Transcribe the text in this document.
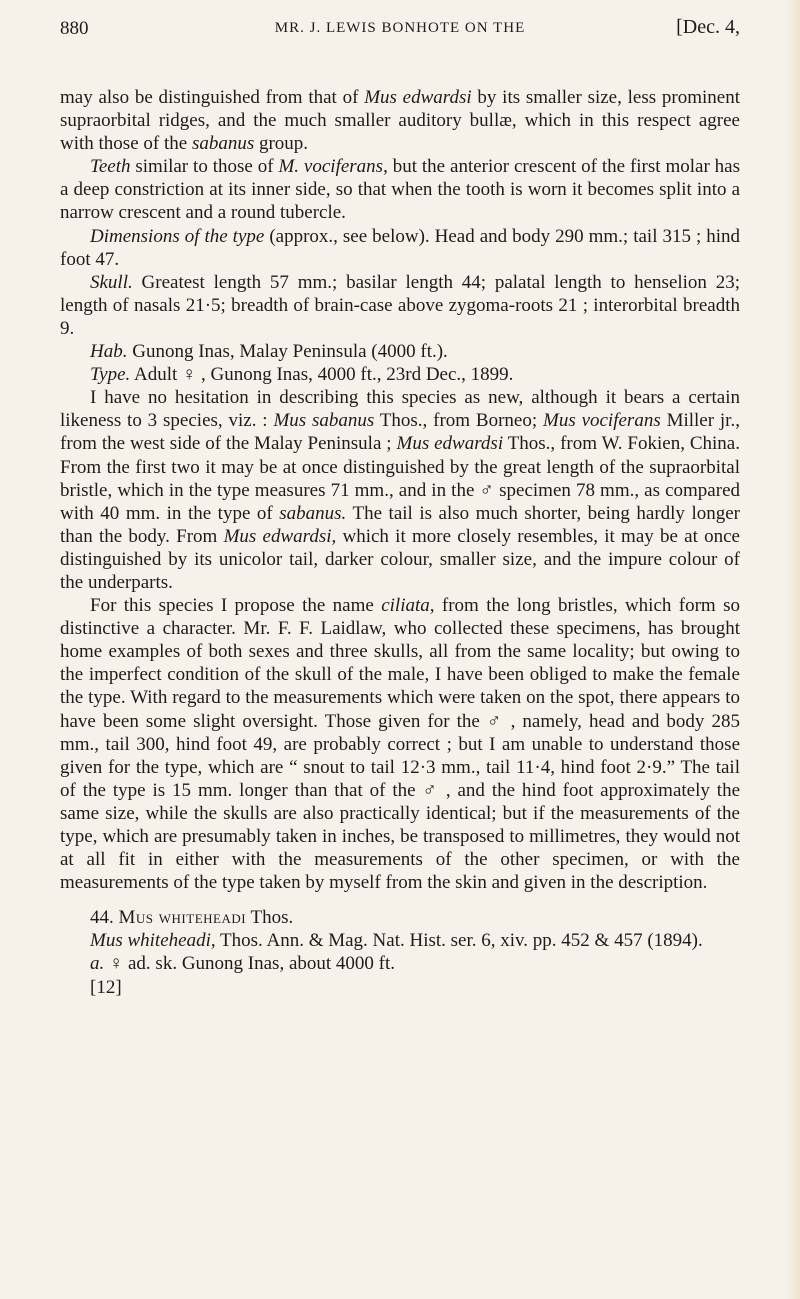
880	MR. J. LEWIS BONHOTE ON THE	[Dec. 4,

may also be distinguished from that of Mus edwardsi by its smaller size, less prominent supraorbital ridges, and the much smaller auditory bullæ, which in this respect agree with those of the sabanus group.

Teeth similar to those of M. vociferans, but the anterior crescent of the first molar has a deep constriction at its inner side, so that when the tooth is worn it becomes split into a narrow crescent and a round tubercle.

Dimensions of the type (approx., see below). Head and body 290 mm.; tail 315 ; hind foot 47.

Skull. Greatest length 57 mm.; basilar length 44; palatal length to henselion 23; length of nasals 21·5; breadth of brain-case above zygoma-roots 21 ; interorbital breadth 9.

Hab. Gunong Inas, Malay Peninsula (4000 ft.).

Type. Adult ♀ , Gunong Inas, 4000 ft., 23rd Dec., 1899.

I have no hesitation in describing this species as new, although it bears a certain likeness to 3 species, viz. : Mus sabanus Thos., from Borneo; Mus vociferans Miller jr., from the west side of the Malay Peninsula ; Mus edwardsi Thos., from W. Fokien, China. From the first two it may be at once distinguished by the great length of the supraorbital bristle, which in the type measures 71 mm., and in the ♂ specimen 78 mm., as compared with 40 mm. in the type of sabanus. The tail is also much shorter, being hardly longer than the body. From Mus edwardsi, which it more closely resembles, it may be at once distinguished by its unicolor tail, darker colour, smaller size, and the impure colour of the underparts.

For this species I propose the name ciliata, from the long bristles, which form so distinctive a character. Mr. F. F. Laidlaw, who collected these specimens, has brought home examples of both sexes and three skulls, all from the same locality; but owing to the imperfect condition of the skull of the male, I have been obliged to make the female the type. With regard to the measurements which were taken on the spot, there appears to have been some slight oversight. Those given for the ♂ , namely, head and body 285 mm., tail 300, hind foot 49, are probably correct ; but I am unable to understand those given for the type, which are “ snout to tail 12·3 mm., tail 11·4, hind foot 2·9.” The tail of the type is 15 mm. longer than that of the ♂ , and the hind foot approximately the same size, while the skulls are also practically identical; but if the measurements of the type, which are presumably taken in inches, be transposed to millimetres, they would not at all fit in either with the measurements of the other specimen, or with the measurements of the type taken by myself from the skin and given in the description.

44. Mus whiteheadi Thos.

Mus whiteheadi, Thos. Ann. & Mag. Nat. Hist. ser. 6, xiv. pp. 452 & 457 (1894).

a. ♀ ad. sk. Gunong Inas, about 4000 ft.

[12]
